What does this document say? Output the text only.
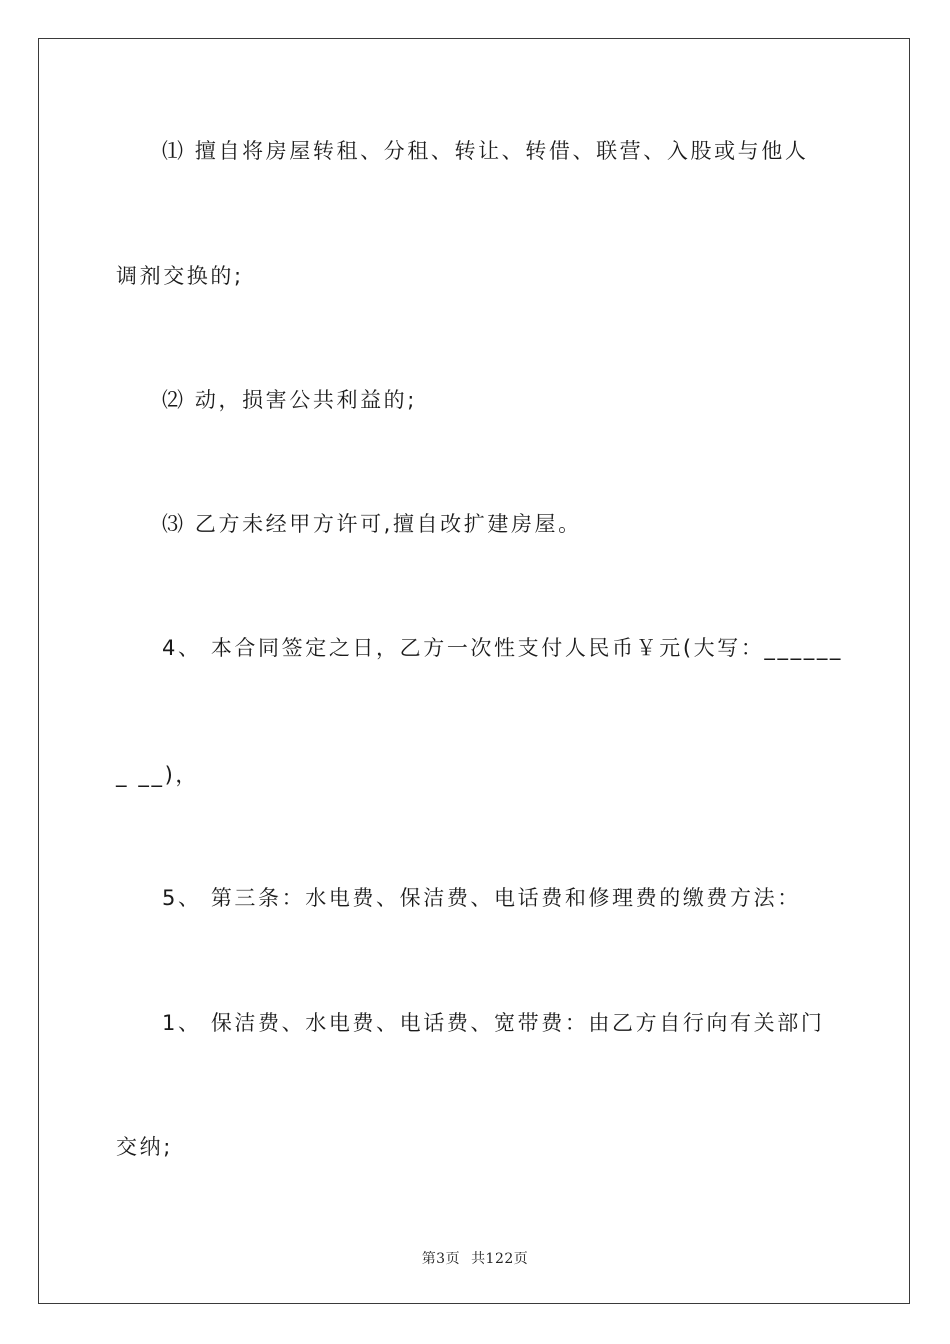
⑴ 擅自将房屋转租、分租、转让、转借、联营、入股或与他人
调剂交换的;
⑵ 动，损害公共利益的;
⑶ 乙方未经甲方许可,擅自改扩建房屋。
4、 本合同签定之日，乙方一次性支付人民币￥元(大写：______
_ __)，
5、 第三条：水电费、保洁费、电话费和修理费的缴费方法：
1、 保洁费、水电费、电话费、宽带费：由乙方自行向有关部门
交纳;
第3页 共122页
